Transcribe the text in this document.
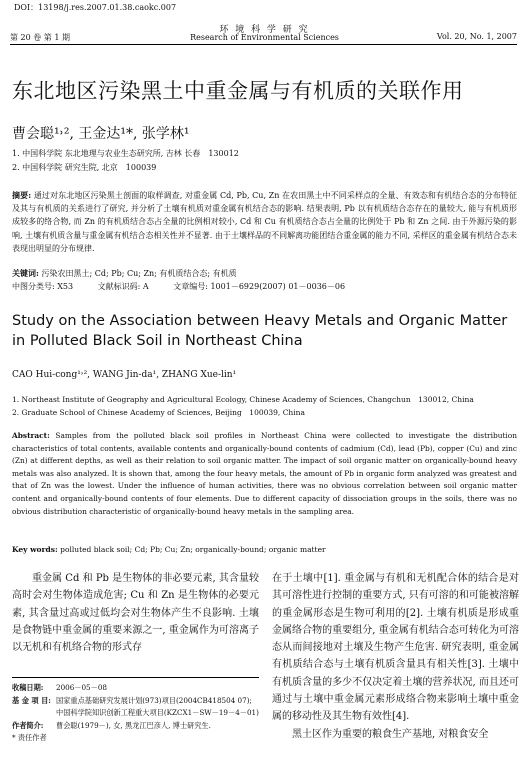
DOI：13198/j.res.2007.01.38.caokc.007
环 境 科 学 研 究
第 20 卷 第 1 期	Research of Environmental Sciences	Vol. 20, No. 1, 2007
东北地区污染黑土中重金属与有机质的关联作用
曹会聪¹˒², 王金达¹*, 张学林¹
1. 中国科学院 东北地理与农业生态研究所, 吉林 长春　130012
2. 中国科学院 研究生院, 北京　100039
摘要: 通过对东北地区污染黑土剖面的取样调查, 对重金属 Cd, Pb, Cu, Zn 在农田黑土中不同采样点的全量、有效态和有机结合态的分布特征及其与有机质的关系进行了研究, 并分析了土壤有机质对重金属有机结合态的影响. 结果表明, Pb 以有机质结合态存在的量较大, 能与有机质形成较多的络合物, 而 Zn 的有机质结合态占全量的比例相对较小, Cd 和 Cu 有机质结合态占全量的比例处于 Pb 和 Zn 之间. 由于外源污染的影响, 土壤有机质含量与重金属有机结合态相关性并不显著. 由于土壤样品的不同解离功能团结合重金属的能力不同, 采样区的重金属有机结合态未表现出明显的分布规律.
关键词: 污染农田黑土; Cd; Pb; Cu; Zn; 有机质结合态; 有机质
中图分类号: X53	文献标识码: A	文章编号: 1001－6929(2007) 01－0036－06
Study on the Association between Heavy Metals and Organic Matter in Polluted Black Soil in Northeast China
CAO Hui-cong¹˒², WANG Jin-da¹, ZHANG Xue-lin¹
1. Northeast Institute of Geography and Agricultural Ecology, Chinese Academy of Sciences, Changchun　130012, China
2. Graduate School of Chinese Academy of Sciences, Beijing　100039, China
Abstract: Samples from the polluted black soil profiles in Northeast China were collected to investigate the distribution characteristics of total contents, available contents and organically-bound contents of cadmium (Cd), lead (Pb), copper (Cu) and zinc (Zn) at different depths, as well as their relation to soil organic matter. The impact of soil organic matter on organically-bound heavy metals was also analyzed. It is shown that, among the four heavy metals, the amount of Pb in organic form analyzed was greatest and that of Zn was the lowest. Under the influence of human activities, there was no obvious correlation between soil organic matter content and organically-bound contents of four elements. Due to different capacity of dissociation groups in the soils, there was no obvious distribution characteristic of organically-bound heavy metals in the sampling area.
Key words: polluted black soil; Cd; Pb; Cu; Zn; organically-bound; organic matter

重金属 Cd 和 Pb 是生物体的非必要元素, 其含量较高时会对生物体造成危害; Cu 和 Zn 是生物体的必要元素, 其含量过高或过低均会对生物体产生不良影响. 土壤是食物链中重金属的重要来源之一, 重金属作为可溶离子以无机和有机络合物的形式存

收稿日期:	2006－05－08
基 金 项 目: 国家重点基础研究发展计划(973)项目(2004CB418504 07); 中国科学院知识创新工程重大项目(KZCX1－SW－19－4－01)
作者简介:	曹会聪(1979－), 女, 黑龙江巴彦人, 博士研究生.
* 责任作者

在于土壤中[1]. 重金属与有机和无机配合体的结合是对其可溶性进行控制的重要方式, 只有可溶的和可能被溶解的重金属形态是生物可利用的[2]. 土壤有机质是形成重金属络合物的重要组分, 重金属有机结合态可转化为可溶态从而间接地对土壤及生物产生危害. 研究表明, 重金属有机质结合态与土壤有机质含量具有相关性[3]. 土壤中有机质含量的多少不仅决定着土壤的营养状况, 而且还可通过与土壤中重金属元素形成络合物来影响土壤中重金属的移动性及其生物有效性[4].

黑土区作为重要的粮食生产基地, 对粮食安全
